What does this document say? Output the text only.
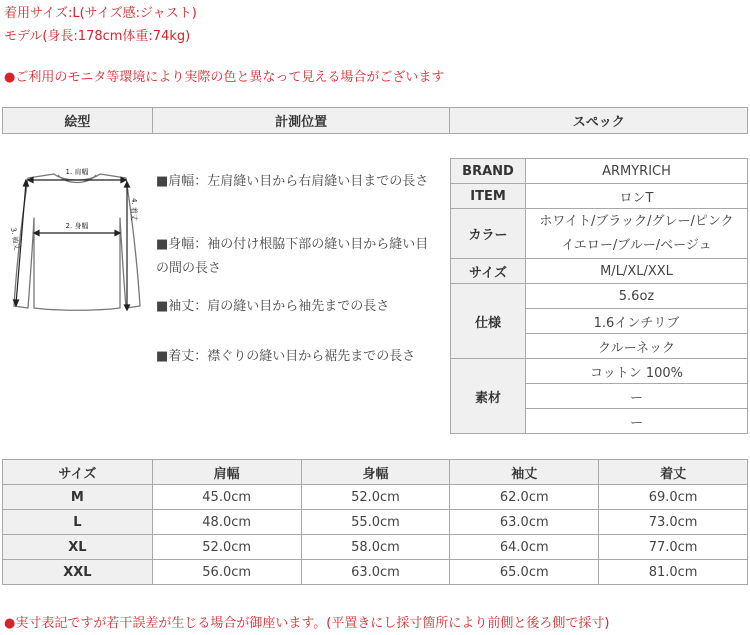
着用サイズ:L(サイズ感:ジャスト)
モデル(身長:178cm体重:74kg)
●ご利用のモニタ等環境により実際の色と異なって見える場合がございます
絵型	計測位置	スペック
1. 肩幅
2. 身幅
3. 袖丈
4. 着丈
■肩幅：左肩縫い目から右肩縫い目までの長さ
■身幅：袖の付け根脇下部の縫い目から縫い目の間の長さ
■袖丈：肩の縫い目から袖先までの長さ
■着丈：襟ぐりの縫い目から裾先までの長さ
BRAND	ARMYRICH
ITEM	ロンT
カラー	ホワイト/ブラック/グレー/ピンク
イエロー/ブルー/ベージュ

サイズ	M/L/XL/XXL
仕様	5.6oz
	1.6インチリブ
	クルーネック
素材	コットン 100%
	ー
	ー
サイズ	肩幅	身幅	袖丈	着丈
M	45.0cm	52.0cm	62.0cm	69.0cm
L	48.0cm	55.0cm	63.0cm	73.0cm
XL	52.0cm	58.0cm	64.0cm	77.0cm
XXL	56.0cm	63.0cm	65.0cm	81.0cm
●実寸表記ですが若干誤差が生じる場合が御座います。(平置きにし採寸箇所により前側と後ろ側で採寸)
